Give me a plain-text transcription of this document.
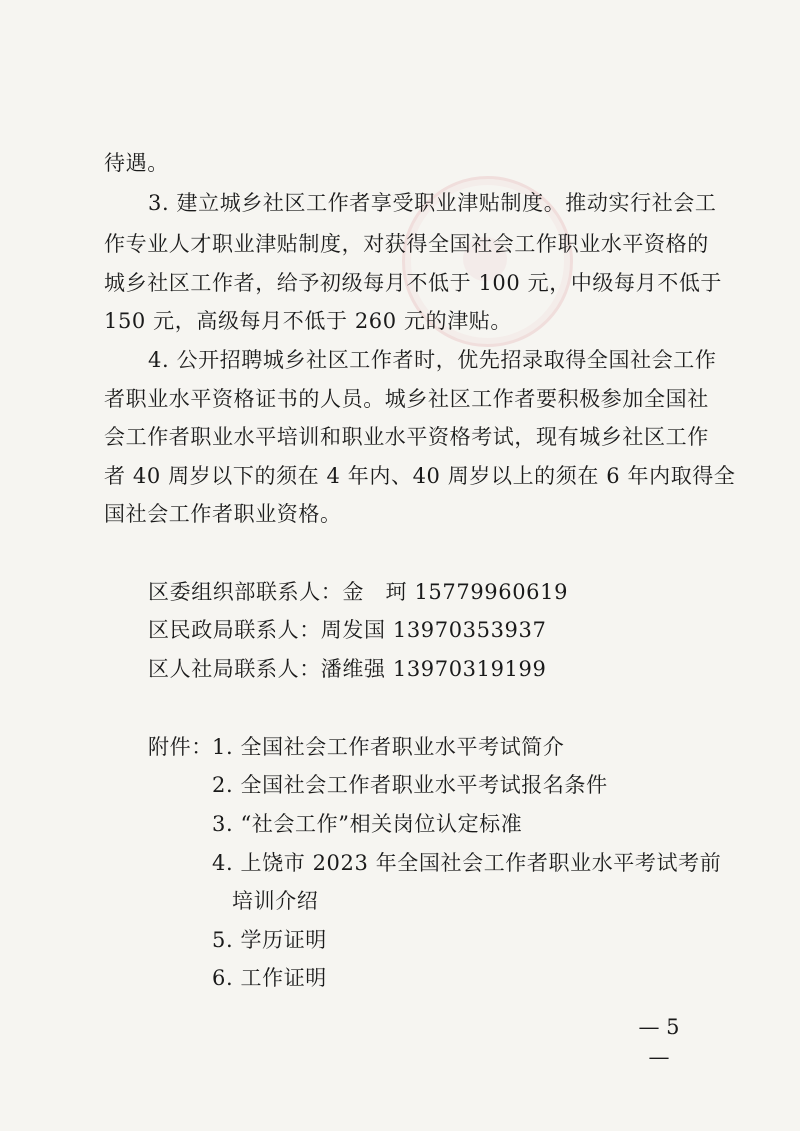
待遇。
3. 建立城乡社区工作者享受职业津贴制度。推动实行社会工
作专业人才职业津贴制度，对获得全国社会工作职业水平资格的
城乡社区工作者，给予初级每月不低于 100 元，中级每月不低于
150 元，高级每月不低于 260 元的津贴。
4. 公开招聘城乡社区工作者时，优先招录取得全国社会工作
者职业水平资格证书的人员。城乡社区工作者要积极参加全国社
会工作者职业水平培训和职业水平资格考试，现有城乡社区工作
者 40 周岁以下的须在 4 年内、40 周岁以上的须在 6 年内取得全
国社会工作者职业资格。
区委组织部联系人：金　珂 15779960619
区民政局联系人：周发国 13970353937
区人社局联系人：潘维强 13970319199
附件： 1. 全国社会工作者职业水平考试简介
2. 全国社会工作者职业水平考试报名条件
3. “社会工作”相关岗位认定标准
4. 上饶市 2023 年全国社会工作者职业水平考试考前
培训介绍
5. 学历证明
6. 工作证明
— 5 —
